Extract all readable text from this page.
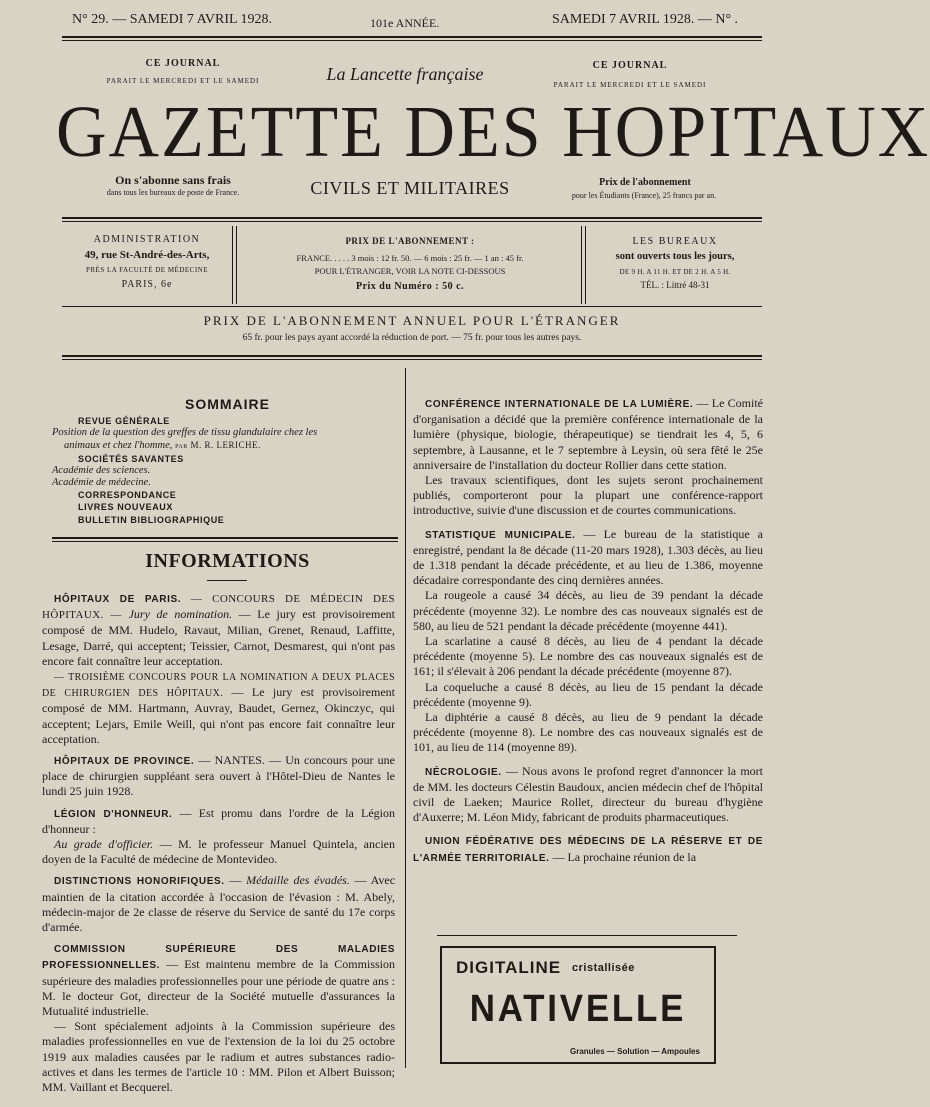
N° 29. — SAMEDI 7 AVRIL 1928.	101e ANNÉE.	SAMEDI 7 AVRIL 1928. — N° .
CE JOURNAL
PARAIT LE MERCREDI ET LE SAMEDI	La Lancette française	CE JOURNAL
PARAIT LE MERCREDI ET LE SAMEDI
GAZETTE DES HOPITAUX
On s'abonne sans frais
dans tous les bureaux de poste de France.	CIVILS ET MILITAIRES	Prix de l'abonnement
pour les Étudiants (France), 25 francs par an.
ADMINISTRATION
49, rue St-André-des-Arts,
PRÈS LA FACULTÉ DE MÉDECINE
PARIS, 6e
PRIX DE L'ABONNEMENT :
FRANCE. . . . . 3 mois : 12 fr. 50. — 6 mois : 25 fr. — 1 an : 45 fr.
POUR L'ÉTRANGER, VOIR LA NOTE CI-DESSOUS
Prix du Numéro : 50 c.
LES BUREAUX
sont ouverts tous les jours,
DE 9 H. A 11 H. ET DE 2 H. A 5 H.
TÉL. : Littré 48-31
PRIX DE L'ABONNEMENT ANNUEL POUR L'ÉTRANGER
65 fr. pour les pays ayant accordé la réduction de port. — 75 fr. pour tous les autres pays.
SOMMAIRE
REVUE GÉNÉRALE
Position de la question des greffes de tissu glandulaire chez les
animaux et chez l'homme, par M. R. LERICHE.
SOCIÉTÉS SAVANTES
Académie des sciences.
Académie de médecine.
CORRESPONDANCE
LIVRES NOUVEAUX
BULLETIN BIBLIOGRAPHIQUE
INFORMATIONS

HÔPITAUX DE PARIS. — CONCOURS DE MÉDECIN DES HÔPITAUX. — Jury de nomination. — Le jury est provisoirement composé de MM. Hudelo, Ravaut, Milian, Grenet, Renaud, Laffitte, Lesage, Darré, qui acceptent; Teissier, Carnot, Desmarest, qui n'ont pas encore fait connaître leur acceptation.

— TROISIÈME CONCOURS POUR LA NOMINATION A DEUX PLACES DE CHIRURGIEN DES HÔPITAUX. — Le jury est provisoirement composé de MM. Hartmann, Auvray, Baudet, Gernez, Okinczyc, qui acceptent; Lejars, Emile Weill, qui n'ont pas encore fait connaître leur acceptation.

HÔPITAUX DE PROVINCE. — NANTES. — Un concours pour une place de chirurgien suppléant sera ouvert à l'Hôtel-Dieu de Nantes le lundi 25 juin 1928.

LÉGION D'HONNEUR. — Est promu dans l'ordre de la Légion d'honneur :

Au grade d'officier. — M. le professeur Manuel Quintela, ancien doyen de la Faculté de médecine de Montevideo.

DISTINCTIONS HONORIFIQUES. — Médaille des évadés. — Avec maintien de la citation accordée à l'occasion de l'évasion : M. Abely, médecin-major de 2e classe de réserve du Service de santé du 17e corps d'armée.

COMMISSION SUPÉRIEURE DES MALADIES PROFESSIONNELLES. — Est maintenu membre de la Commission supérieure des maladies professionnelles pour une période de quatre ans : M. le docteur Got, directeur de la Société mutuelle d'assurances la Mutualité industrielle.

— Sont spécialement adjoints à la Commission supérieure des maladies professionnelles en vue de l'extension de la loi du 25 octobre 1919 aux maladies causées par le radium et autres substances radio-actives et dans les termes de l'article 10 : MM. Pilon et Albert Buisson; MM. Vaillant et Becquerel.

CONFÉRENCE INTERNATIONALE DE LA LUMIÈRE. — Le Comité d'organisation a décidé que la première conférence internationale de la lumière (physique, biologie, thérapeutique) se tiendrait les 4, 5, 6 septembre, à Lausanne, et le 7 septembre à Leysin, où sera fêté le 25e anniversaire de l'installation du docteur Rollier dans cette station.

Les travaux scientifiques, dont les sujets seront prochainement publiés, comporteront pour la plupart une conférence-rapport introductive, suivie d'une discussion et de courtes communications.

STATISTIQUE MUNICIPALE. — Le bureau de la statistique a enregistré, pendant la 8e décade (11-20 mars 1928), 1.303 décès, au lieu de 1.318 pendant la décade précédente, et au lieu de 1.386, moyenne décadaire correspondante des cinq dernières années.

La rougeole a causé 34 décès, au lieu de 39 pendant la décade précédente (moyenne 32). Le nombre des cas nouveaux signalés est de 580, au lieu de 521 pendant la décade précédente (moyenne 441).

La scarlatine a causé 8 décès, au lieu de 4 pendant la décade précédente (moyenne 5). Le nombre des cas nouveaux signalés est de 161; il s'élevait à 206 pendant la décade précédente (moyenne 87).

La coqueluche a causé 8 décès, au lieu de 15 pendant la décade précédente (moyenne 9).

La diphtérie a causé 8 décès, au lieu de 9 pendant la décade précédente (moyenne 8). Le nombre des cas nouveaux signalés est de 101, au lieu de 114 (moyenne 89).

NÉCROLOGIE. — Nous avons le profond regret d'annoncer la mort de MM. les docteurs Célestin Baudoux, ancien médecin chef de l'hôpital civil de Laeken; Maurice Rollet, directeur du bureau d'hygiène d'Auxerre; M. Léon Midy, fabricant de produits pharmaceutiques.

UNION FÉDÉRATIVE DES MÉDECINS DE LA RÉSERVE ET DE L'ARMÉE TERRITORIALE. — La prochaine réunion de la

DIGITALINE cristallisée
NATIVELLE
Granules — Solution — Ampoules
